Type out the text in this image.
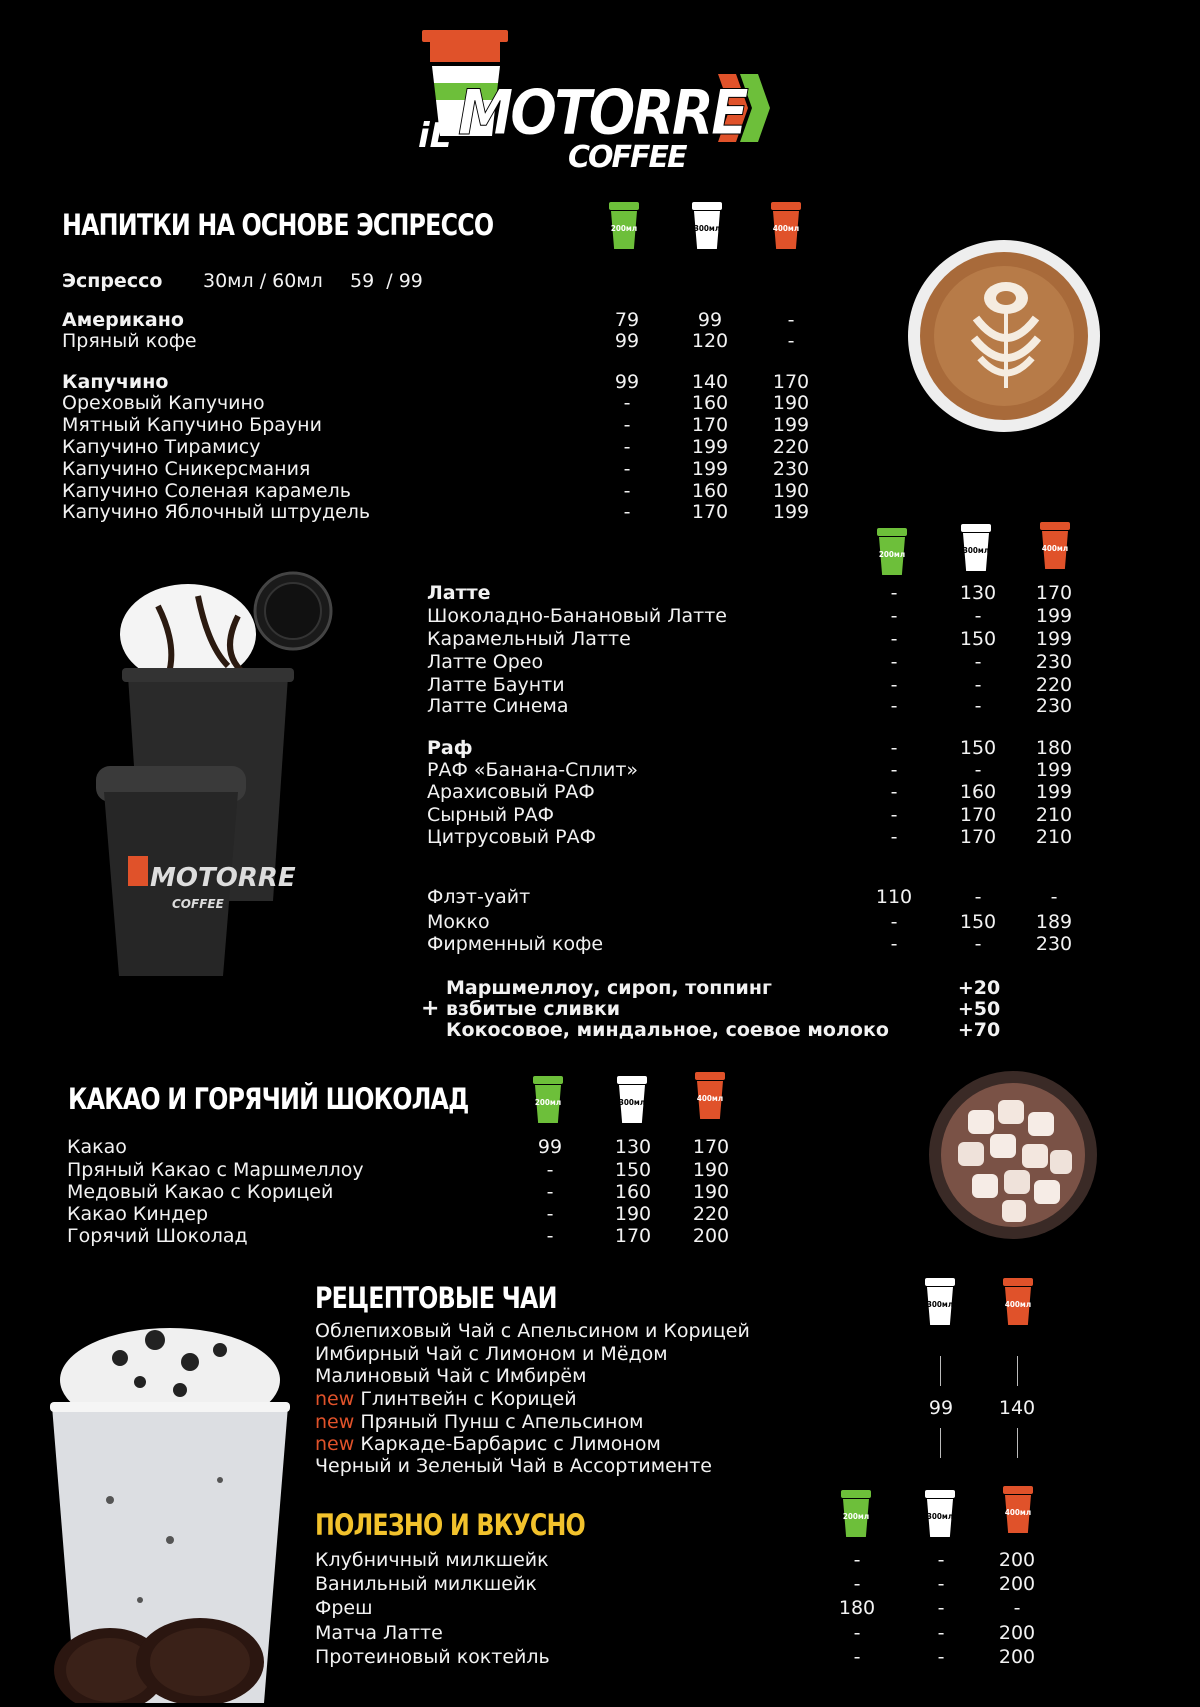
iL MOTORRE
COFFEE
НАПИТКИ НА ОСНОВЕ ЭСПРЕССО	200мл	300мл	400мл
Эспрессо 30мл / 60мл 59  / 99
Американо	79	99	-
Пряный кофе	99	120	-
Капучино	99	140	170
Ореховый Капучино	-	160	190
Мятный Капучино Брауни	-	170	199
Капучино Тирамису	-	199	220
Капучино Сникерсмания	-	199	230
Капучино Соленая карамель	-	160	190
Капучино Яблочный штрудель	-	170	199
MOTORRE
COFFEE
200мл	300мл	400мл
Латте	-	130	170
Шоколадно-Банановый Латте	-	-	199
Карамельный Латте	-	150	199
Латте Орео	-	-	230
Латте Баунти	-	-	220
Латте Синема	-	-	230
Раф	-	150	180
РАФ «Банана-Сплит»	-	-	199
Арахисовый РАФ	-	160	199
Сырный РАФ	-	170	210
Цитрусовый РАФ	-	170	210
Флэт-уайт	110	-	-
Мокко	-	150	189
Фирменный кофе	-	-	230
+
Маршмеллоу, сироп, топпинг	+20
взбитые сливки	+50
Кокосовое, миндальное, соевое молоко	+70
КАКАО И ГОРЯЧИЙ ШОКОЛАД	200мл	300мл	400мл
Какао	99	130	170
Пряный Какао с Маршмеллоу	-	150	190
Медовый Какао с Корицей	-	160	190
Какао Киндер	-	190	220
Горячий Шоколад	-	170	200
РЕЦЕПТОВЫЕ ЧАИ	300мл	400мл
Облепиховый Чай с Апельсином и Корицей
Имбирный Чай с Лимоном и Мёдом
Малиновый Чай с Имбирём
new Глинтвейн с Корицей
new Пряный Пунш с Апельсином
new Каркаде-Барбарис с Лимоном
Черный и Зеленый Чай в Ассортименте
99	140
ПОЛЕЗНО И ВКУСНО	200мл	300мл	400мл
Клубничный милкшейк	-	-	200
Ванильный милкшейк	-	-	200
Фреш	180	-	-
Матча Латте	-	-	200
Протеиновый коктейль	-	-	200
